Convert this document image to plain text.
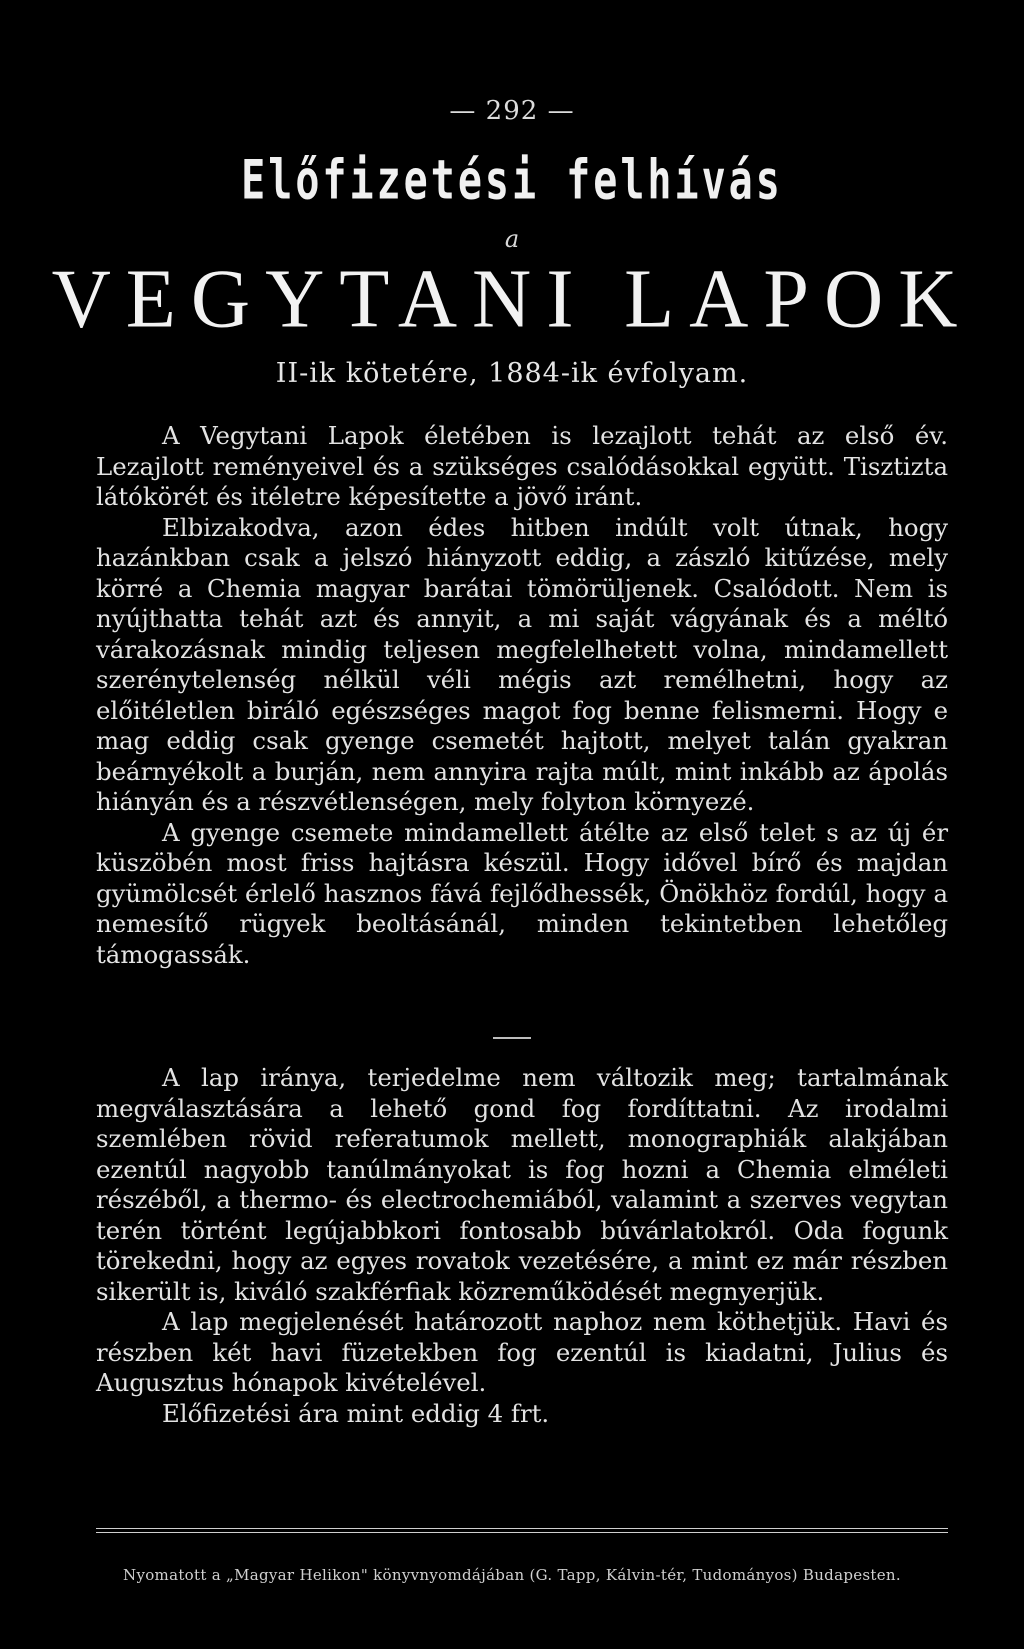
— 292 —
Előfizetési felhívás
a
VEGYTANI LAPOK
II-ik kötetére, 1884-ik évfolyam.

A Vegytani Lapok életében is lezajlott tehát az első év. Lezajlott reményeivel és a szükséges csalódásokkal együtt. Tisztizta látókörét és itéletre képesítette a jövő iránt.

Elbizakodva, azon édes hitben indúlt volt útnak, hogy hazánkban csak a jelszó hiányzott eddig, a zászló kitűzése, mely körré a Chemia magyar barátai tömörüljenek. Csalódott. Nem is nyújthatta tehát azt és annyit, a mi saját vágyának és a méltó várakozásnak mindig teljesen megfelelhetett volna, mindamellett szerénytelenség nélkül véli mégis azt remélhetni, hogy az előitéletlen biráló egészséges magot fog benne felismerni. Hogy e mag eddig csak gyenge csemetét hajtott, melyet talán gyakran beárnyékolt a burján, nem annyira rajta múlt, mint inkább az ápolás hiányán és a részvétlenségen, mely folyton környezé.

A gyenge csemete mindamellett átélte az első telet s az új ér küszöbén most friss hajtásra készül. Hogy idővel bírő és majdan gyümölcsét érlelő hasznos fává fejlődhessék, Önökhöz fordúl, hogy a nemesítő rügyek beoltásánál, minden tekintetben lehetőleg támogassák.

A lap iránya, terjedelme nem változik meg; tartalmának megválasztására a lehető gond fog fordíttatni. Az irodalmi szemlében rövid referatumok mellett, monographiák alakjában ezentúl nagyobb tanúlmányokat is fog hozni a Chemia elméleti részéből, a thermo- és electrochemiából, valamint a szerves vegytan terén történt legújabbkori fontosabb búvárlatokról. Oda fogunk törekedni, hogy az egyes rovatok vezetésére, a mint ez már részben sikerült is, kiváló szakférfiak közreműködését megnyerjük.

A lap megjelenését határozott naphoz nem köthetjük. Havi és részben két havi füzetekben fog ezentúl is kiadatni, Julius és Augusztus hónapok kivételével.

Előfizetési ára mint eddig 4 frt.

Nyomatott a „Magyar Helikon" könyvnyomdájában (G. Tapp, Kálvin-tér, Tudományos) Budapesten.
